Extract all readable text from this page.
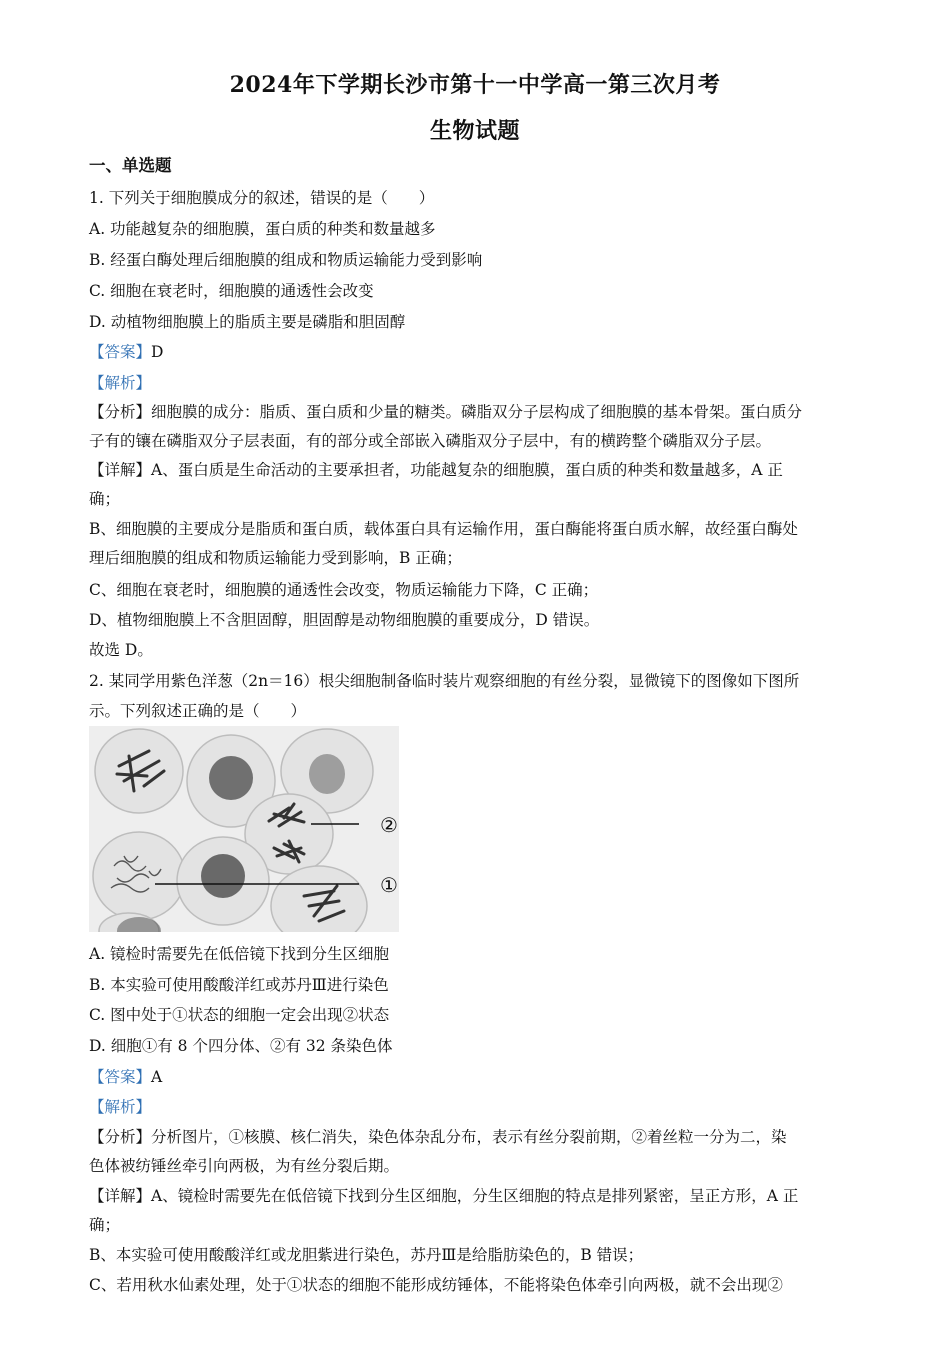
2024年下学期长沙市第十一中学高一第三次月考
生物试题
一、单选题
1. 下列关于细胞膜成分的叙述，错误的是（　　）
A. 功能越复杂的细胞膜，蛋白质的种类和数量越多
B. 经蛋白酶处理后细胞膜的组成和物质运输能力受到影响
C. 细胞在衰老时，细胞膜的通透性会改变
D. 动植物细胞膜上的脂质主要是磷脂和胆固醇
【答案】D
【解析】
【分析】细胞膜的成分：脂质、蛋白质和少量的糖类。磷脂双分子层构成了细胞膜的基本骨架。蛋白质分
子有的镶在磷脂双分子层表面，有的部分或全部嵌入磷脂双分子层中，有的横跨整个磷脂双分子层。
【详解】A、蛋白质是生命活动的主要承担者，功能越复杂的细胞膜，蛋白质的种类和数量越多，A 正
确；
B、细胞膜的主要成分是脂质和蛋白质，载体蛋白具有运输作用，蛋白酶能将蛋白质水解，故经蛋白酶处
理后细胞膜的组成和物质运输能力受到影响，B 正确；
C、细胞在衰老时，细胞膜的通透性会改变，物质运输能力下降，C 正确；
D、植物细胞膜上不含胆固醇，胆固醇是动物细胞膜的重要成分，D 错误。
故选 D。
2. 某同学用紫色洋葱（2n＝16）根尖细胞制备临时装片观察细胞的有丝分裂，显微镜下的图像如下图所
示。下列叙述正确的是（　　）
②
①
A. 镜检时需要先在低倍镜下找到分生区细胞
B. 本实验可使用酸酸洋红或苏丹Ⅲ进行染色
C. 图中处于①状态的细胞一定会出现②状态
D. 细胞①有 8 个四分体、②有 32 条染色体
【答案】A
【解析】
【分析】分析图片，①核膜、核仁消失，染色体杂乱分布，表示有丝分裂前期，②着丝粒一分为二，染
色体被纺锤丝牵引向两极，为有丝分裂后期。
【详解】A、镜检时需要先在低倍镜下找到分生区细胞，分生区细胞的特点是排列紧密，呈正方形，A 正
确；
B、本实验可使用酸酸洋红或龙胆紫进行染色，苏丹Ⅲ是给脂肪染色的，B 错误；
C、若用秋水仙素处理，处于①状态的细胞不能形成纺锤体，不能将染色体牵引向两极，就不会出现②
